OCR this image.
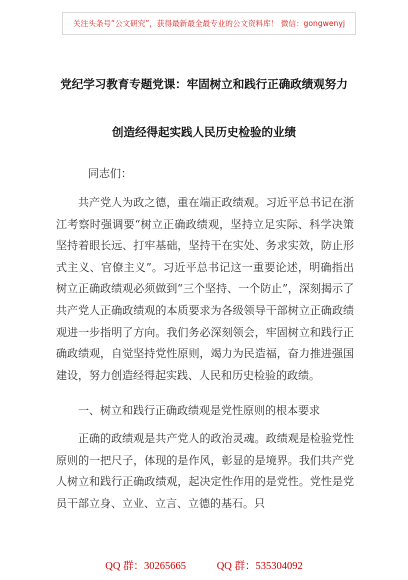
关注头条号“公文研究”，获得最新最全最专业的公文资料库！ 微信：gongwenyj
党纪学习教育专题党课：牢固树立和践行正确政绩观努力
创造经得起实践人民历史检验的业绩
同志们：

共产党人为政之德，重在端正政绩观。习近平总书记在浙江考察时强调要“树立正确政绩观，坚持立足实际、科学决策坚持着眼长远、打牢基础，坚持干在实处、务求实效，防止形式主义、官僚主义”。习近平总书记这一重要论述，明确指出树立正确政绩观必须做到“三个坚持、一个防止”，深刻揭示了共产党人正确政绩观的本质要求为各级领导干部树立正确政绩观进一步指明了方向。我们务必深刻领会，牢固树立和践行正确政绩观，自觉坚持党性原则，竭力为民造福，奋力推进强国建设，努力创造经得起实践、人民和历史检验的政绩。

一、树立和践行正确政绩观是党性原则的根本要求

正确的政绩观是共产党人的政治灵魂。政绩观是检验党性原则的一把尺子，体现的是作风，彰显的是境界。我们共产党人树立和践行正确政绩观，起决定性作用的是党性。党性是党员干部立身、立业、立言、立德的基石。只

QQ 群：30265665	QQ 群：535304092
